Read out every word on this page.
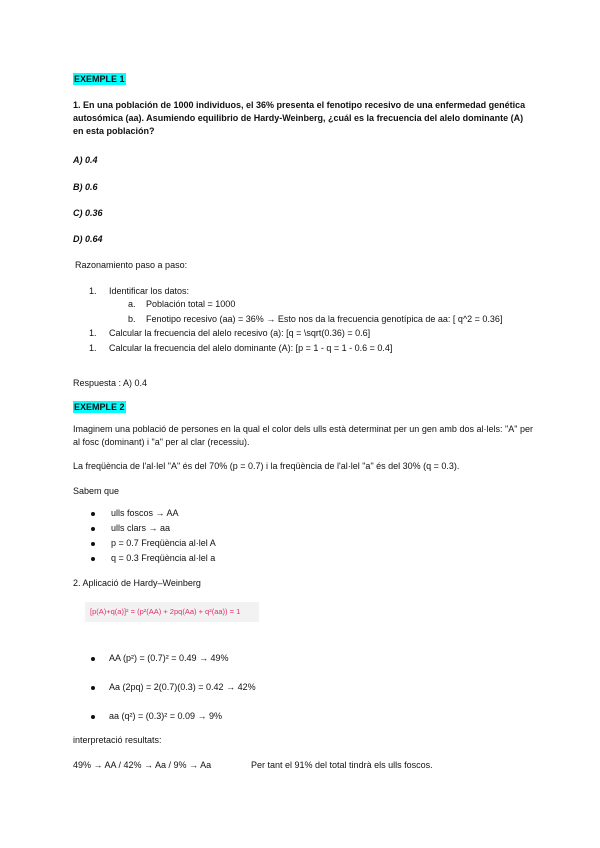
EXEMPLE 1
1. En una población de 1000 individuos, el 36% presenta el fenotipo recesivo de una enfermedad genética autosómica (aa). Asumiendo equilibrio de Hardy-Weinberg, ¿cuál es la frecuencia del alelo dominante (A) en esta población?
A) 0.4
B) 0.6
C) 0.36
D) 0.64
Razonamiento paso a paso:
1. Identificar los datos:
a. Población total = 1000
b. Fenotipo recesivo (aa) = 36% → Esto nos da la frecuencia genotípica de aa: [ q^2 = 0.36]
1. Calcular la frecuencia del alelo recesivo (a): [q = \sqrt(0.36) = 0.6]
1. Calcular la frecuencia del alelo dominante (A): [p = 1 - q = 1 - 0.6 = 0.4]
Respuesta : A) 0.4
EXEMPLE 2
Imaginem una població de persones en la qual el color dels ulls està determinat per un gen amb dos al·lels: "A" per al fosc (dominant) i "a" per al clar (recessiu).
La freqüència de l'al·lel "A" és del 70% (p = 0.7) i la freqüència de l'al·lel "a" és del 30% (q = 0.3).
Sabem que
ulls foscos → AA
ulls clars → aa
p = 0.7 Freqüència al·lel A
q = 0.3 Freqüència al·lel a
2. Aplicació de Hardy–Weinberg
[p(A)+q(a)]² = (p²(AA) + 2pq(Aa) + q²(aa)) = 1
AA (p²) = (0.7)² = 0.49 → 49%
Aa (2pq) = 2(0.7)(0.3) = 0.42 → 42%
aa (q²) = (0.3)² = 0.09 → 9%
interpretació resultats:
49% → AA / 42% → Aa / 9% → Aa	Per tant el 91% del total tindrà els ulls foscos.
